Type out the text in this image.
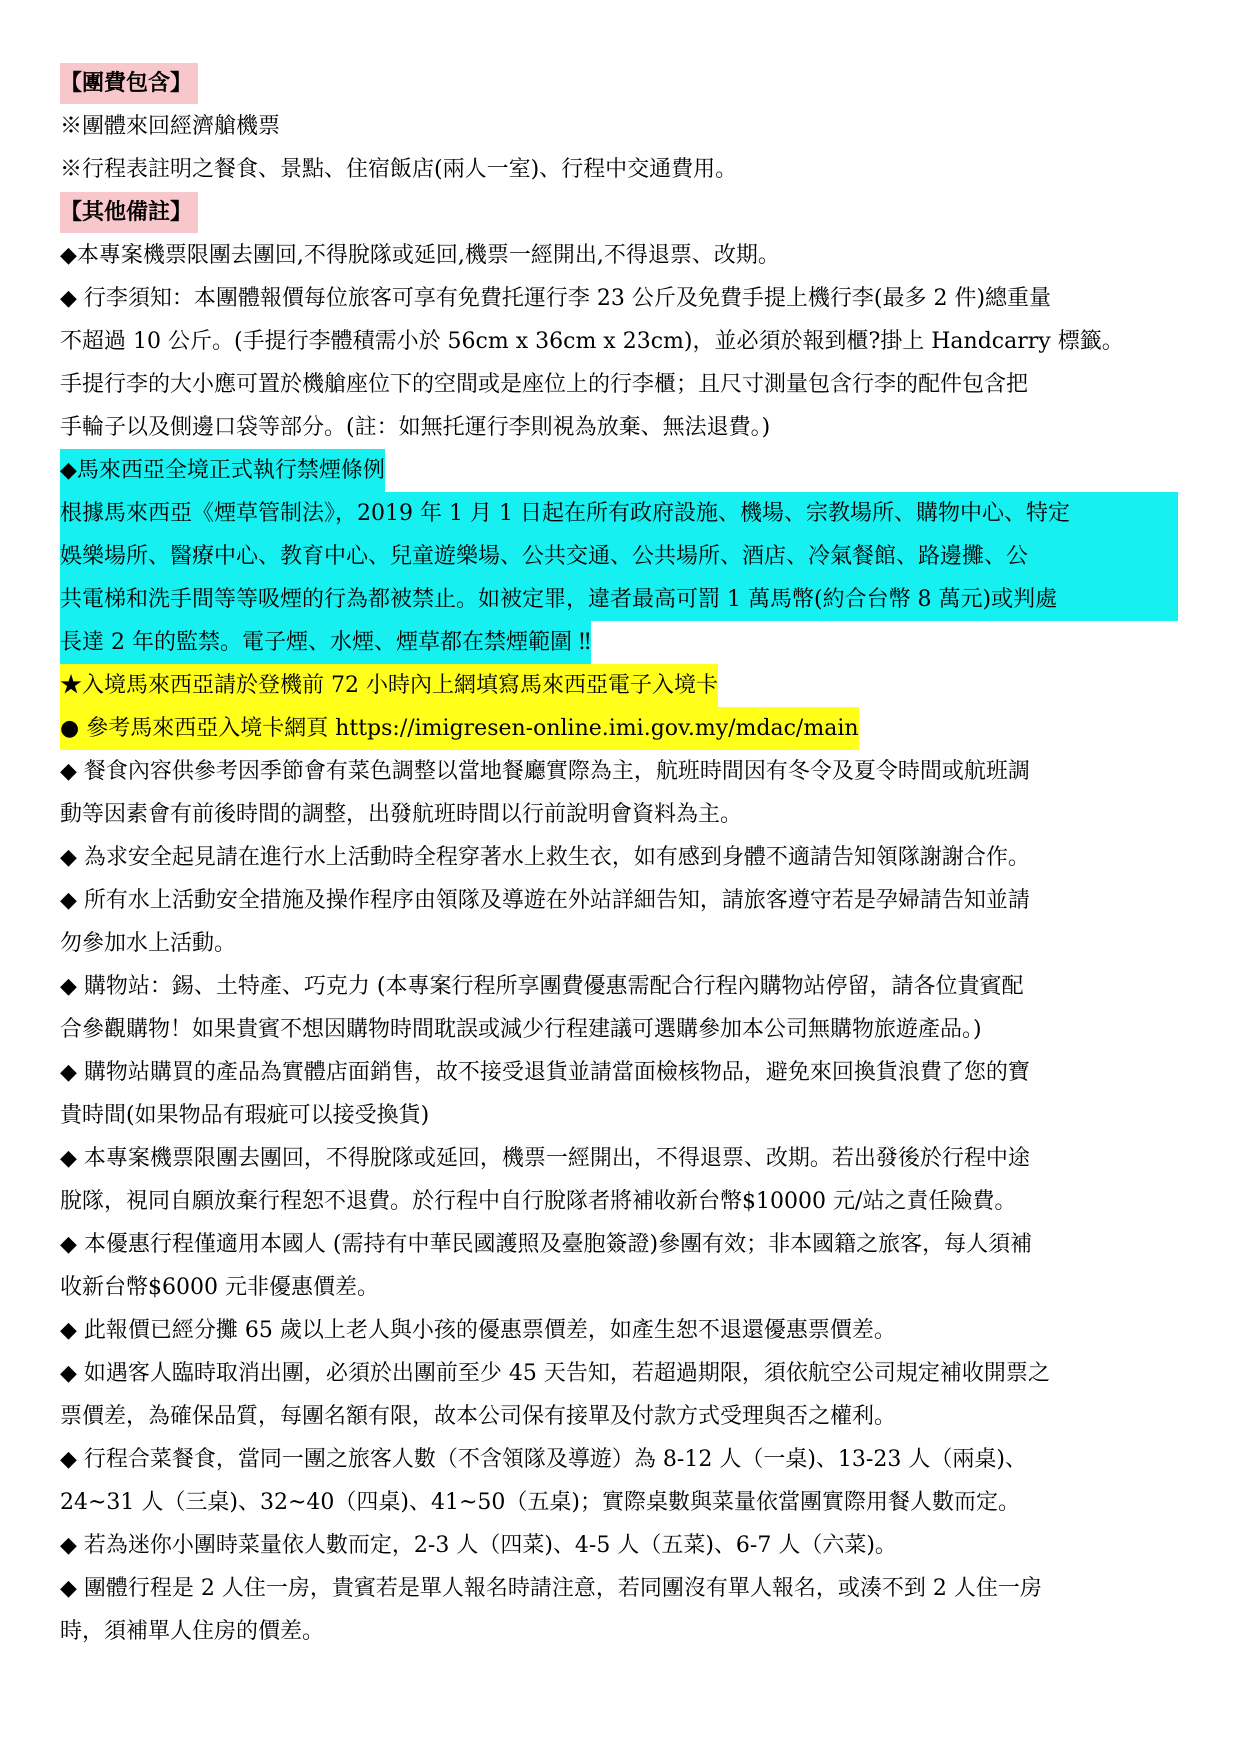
【團費包含】
※團體來回經濟艙機票
※行程表註明之餐食、景點、住宿飯店(兩人一室)、行程中交通費用。
【其他備註】
◆本專案機票限團去團回,不得脫隊或延回,機票一經開出,不得退票、改期。
◆ 行李須知：本團體報價每位旅客可享有免費托運行李 23 公斤及免費手提上機行李(最多 2 件)總重量
不超過 10 公斤。(手提行李體積需小於 56cm x 36cm x 23cm)，並必須於報到櫃?掛上 Handcarry 標籤。
手提行李的大小應可置於機艙座位下的空間或是座位上的行李櫃；且尺寸測量包含行李的配件包含把
手輪子以及側邊口袋等部分。(註：如無托運行李則視為放棄、無法退費。)
◆馬來西亞全境正式執行禁煙條例
根據馬來西亞《煙草管制法》，2019 年 1 月 1 日起在所有政府設施、機場、宗教場所、購物中心、特定 娛樂場所、醫療中心、教育中心、兒童遊樂場、公共交通、公共場所、酒店、冷氣餐館、路邊攤、公 共電梯和洗手間等等吸煙的行為都被禁止。如被定罪，違者最高可罰 1 萬馬幣(約合台幣 8 萬元)或判處
長達 2 年的監禁。電子煙、水煙、煙草都在禁煙範圍 ‼
★入境馬來西亞請於登機前 72 小時內上網填寫馬來西亞電子入境卡
● 參考馬來西亞入境卡網頁 https://imigresen-online.imi.gov.my/mdac/main
◆ 餐食內容供參考因季節會有菜色調整以當地餐廳實際為主，航班時間因有冬令及夏令時間或航班調
動等因素會有前後時間的調整，出發航班時間以行前說明會資料為主。
◆ 為求安全起見請在進行水上活動時全程穿著水上救生衣，如有感到身體不適請告知領隊謝謝合作。
◆ 所有水上活動安全措施及操作程序由領隊及導遊在外站詳細告知，請旅客遵守若是孕婦請告知並請
勿參加水上活動。
◆ 購物站：錫、土特產、巧克力 (本專案行程所享團費優惠需配合行程內購物站停留，請各位貴賓配
合參觀購物！如果貴賓不想因購物時間耽誤或減少行程建議可選購參加本公司無購物旅遊產品。)
◆ 購物站購買的產品為實體店面銷售，故不接受退貨並請當面檢核物品，避免來回換貨浪費了您的寶
貴時間(如果物品有瑕疵可以接受換貨)
◆ 本專案機票限團去團回，不得脫隊或延回，機票一經開出，不得退票、改期。若出發後於行程中途
脫隊，視同自願放棄行程恕不退費。於行程中自行脫隊者將補收新台幣$10000 元/站之責任險費。
◆ 本優惠行程僅適用本國人 (需持有中華民國護照及臺胞簽證)參團有效；非本國籍之旅客，每人須補
收新台幣$6000 元非優惠價差。
◆ 此報價已經分攤 65 歲以上老人與小孩的優惠票價差，如產生恕不退還優惠票價差。
◆ 如遇客人臨時取消出團，必須於出團前至少 45 天告知，若超過期限，須依航空公司規定補收開票之
票價差，為確保品質，每團名額有限，故本公司保有接單及付款方式受理與否之權利。
◆ 行程合菜餐食，當同一團之旅客人數（不含領隊及導遊）為 8-12 人（一桌)、13-23 人（兩桌)、
24~31 人（三桌)、32~40（四桌)、41~50（五桌)；實際桌數與菜量依當團實際用餐人數而定。
◆ 若為迷你小團時菜量依人數而定，2-3 人（四菜)、4-5 人（五菜)、6-7 人（六菜)。
◆ 團體行程是 2 人住一房，貴賓若是單人報名時請注意，若同團沒有單人報名，或湊不到 2 人住一房
時，須補單人住房的價差。
